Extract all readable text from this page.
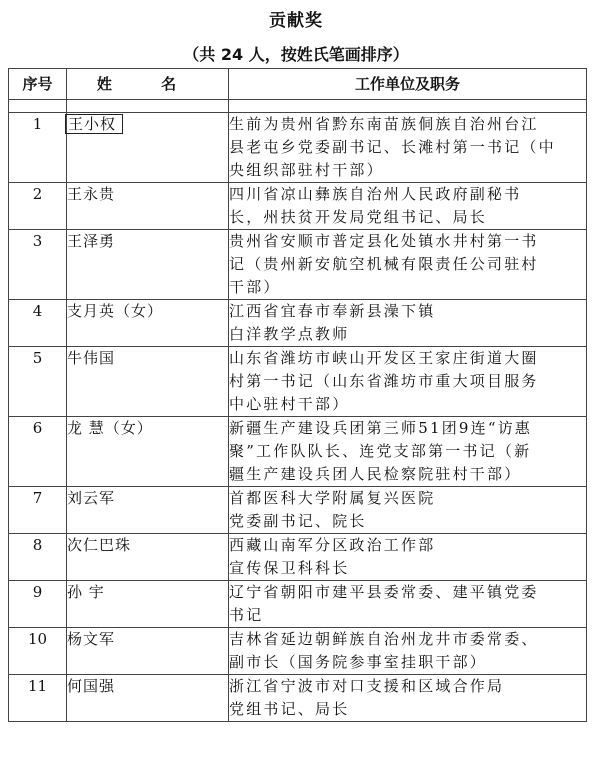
贡献奖
（共 24 人，按姓氏笔画排序）
序号	姓 名	工作单位及职务

1	王小权	生前为贵州省黔东南苗族侗族自治州台江
县老屯乡党委副书记、长滩村第一书记（中
央组织部驻村干部）

2	王永贵	四川省凉山彝族自治州人民政府副秘书
长，州扶贫开发局党组书记、局长

3	王泽勇	贵州省安顺市普定县化处镇水井村第一书
记（贵州新安航空机械有限责任公司驻村
干部）

4	支月英（女）	江西省宜春市奉新县澡下镇
白洋教学点教师

5	牛伟国	山东省潍坊市峡山开发区王家庄街道大圈
村第一书记（山东省潍坊市重大项目服务
中心驻村干部）

6	龙 慧（女）	新疆生产建设兵团第三师51团9连“访惠
聚”工作队队长、连党支部第一书记（新
疆生产建设兵团人民检察院驻村干部）

7	刘云军	首都医科大学附属复兴医院
党委副书记、院长

8	次仁巴珠	西藏山南军分区政治工作部
宣传保卫科科长

9	孙 宇	辽宁省朝阳市建平县委常委、建平镇党委
书记

10	杨文军	吉林省延边朝鲜族自治州龙井市委常委、
副市长（国务院参事室挂职干部）

11	何国强	浙江省宁波市对口支援和区域合作局
党组书记、局长
